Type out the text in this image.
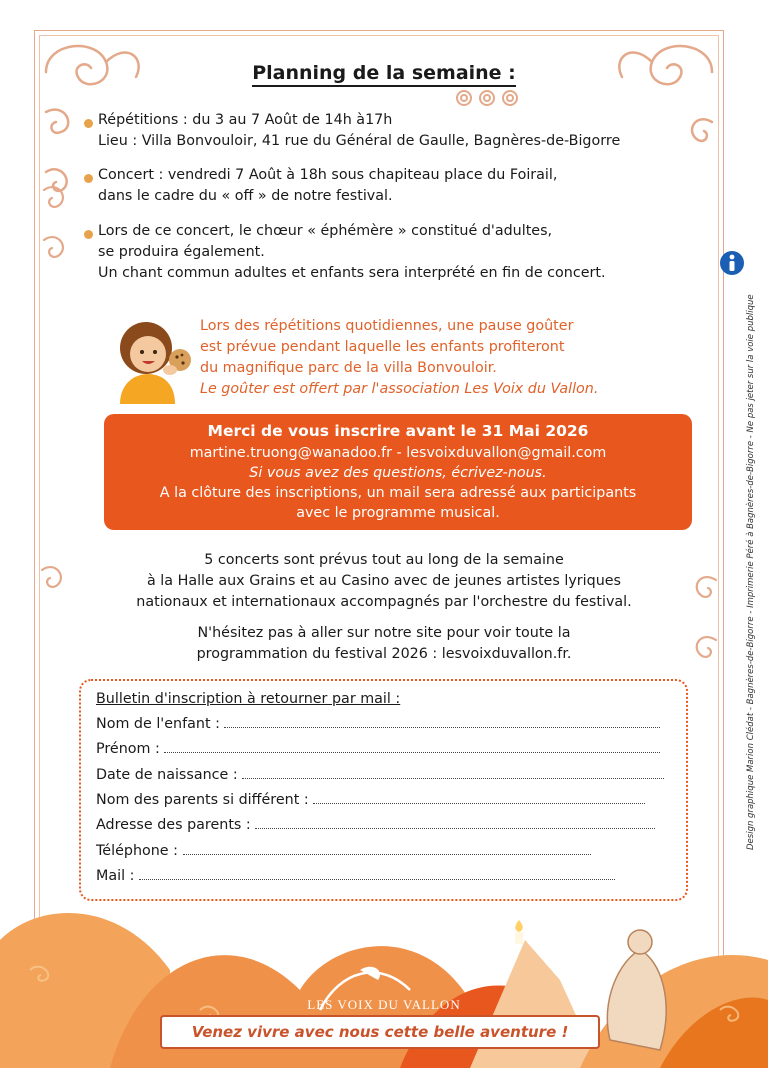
Planning de la semaine :
Répétitions : du 3 au 7 Août de 14h à17h
Lieu : Villa Bonvouloir, 41 rue du Général de Gaulle, Bagnères-de-Bigorre
Concert : vendredi 7 Août à 18h sous chapiteau place du Foirail,
dans le cadre du « off » de notre festival.
Lors de ce concert, le chœur « éphémère » constitué d'adultes,
se produira également.
Un chant commun adultes et enfants sera interprété en fin de concert.
Lors des répétitions quotidiennes, une pause goûter
est prévue pendant laquelle les enfants profiteront
du magnifique parc de la villa Bonvouloir.
Le goûter est offert par l'association Les Voix du Vallon.
Merci de vous inscrire avant le 31 Mai 2026
martine.truong@wanadoo.fr - lesvoixduvallon@gmail.com
Si vous avez des questions, écrivez-nous.
A la clôture des inscriptions, un mail sera adressé aux participants
avec le programme musical.
5 concerts sont prévus tout au long de la semaine
à la Halle aux Grains et au Casino avec de jeunes artistes lyriques
nationaux et internationaux accompagnés par l'orchestre du festival.
N'hésitez pas à aller sur notre site pour voir toute la
programmation du festival 2026 : lesvoixduvallon.fr.
Bulletin d'inscription à retourner par mail :
Nom de l'enfant :
Prénom :
Date de naissance :
Nom des parents si différent :
Adresse des parents :
Téléphone :
Mail :
LES VOIX DU VALLON
Venez vivre avec nous cette belle aventure !
Design graphique Marion Clédat - Bagnères-de-Bigorre - Imprimerie Péré à Bagnères-de-Bigorre - Ne pas jeter sur la voie publique
